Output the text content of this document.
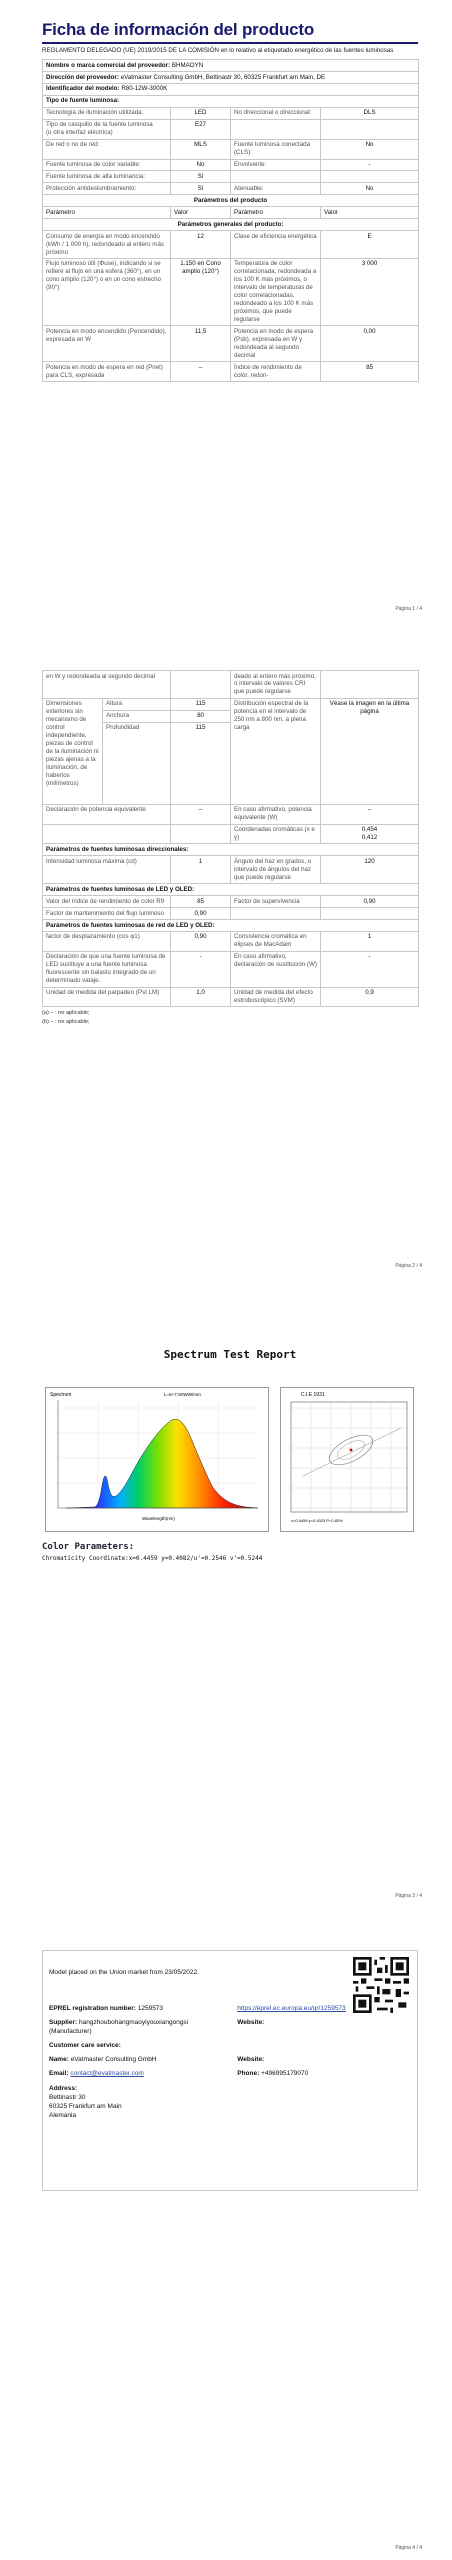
Ficha de información del producto
REGLAMENTO DELEGADO (UE) 2019/2015 DE LA COMISIÓN en lo relativo al etiquetado energético de las fuentes luminosas
Nombre o marca comercial del proveedor: BHMAOYN			
Dirección del proveedor: eVatmaster Consulting GmbH, Bettinastr 30, 60325 Frankfurt am Main, DE			
Identificador del modelo: R80-12W-3000K			
Tipo de fuente luminosa:			
Tecnología de iluminación utilizada:	LED	No direccional o direccional:	DLS
Tipo de casquillo de la fuente luminosa
(u otra interfaz eléctrica)	E27		
De red o no de red:	MLS	Fuente luminosa conectada (CLS):	No
Fuente luminosa de color variable:	No	Envolvente:	-
Fuente luminosa de alta luminancia:	Sí		
Protección antideslumbramiento:	Sí	Atenuable:	No
Parámetros del producto			
Parámetro	Valor	Parámetro	Valor
Parámetros generales del producto:			
Consumo de energía en modo encendido (kWh / 1 000 h), redondeado al entero más próximo	12	Clase de eficiencia energética	E
Flujo luminoso útil (Φuse), indicando si se refiere al flujo en una esfera (360°), en un cono amplio (120°) o en un cono estrecho (90°)	1.150 en Cono amplio (120°)	Temperatura de color correlacionada, redondeada a los 100 K más próximos, o intervalo de temperaturas de color correlacionadas, redondeado a los 100 K más próximos, que puede regularse	3 000
Potencia en modo encendido (Pencendido), expresada en W	11,5	Potencia en modo de espera (Psb), expresada en W y redondeada al segundo decimal	0,00
Potencia en modo de espera en red (Pnet) para CLS, expresada	–	Índice de rendimiento de color, redon-	85
Página 1 / 4
en W y redondeada al segundo decimal			deado al entero más próximo, o intervalo de valores CRI que puede regularse	
Dimensiones exteriores sin mecanismo de control independiente, piezas de control de la iluminación ni piezas ajenas a la iluminación, de haberlos (milímetros)	Altura	115	Distribución espectral de la potencia en el intervalo de 250 nm a 800 nm, a plena carga	Véase la imagen en la última página
	Anchura	80		
	Profundidad	115		
Declaración de potencia equivalente		–	En caso afirmativo, potencia equivalente (W)	–
			Coordenadas cromáticas (x e y)	0,454
0,412
Parámetros de fuentes luminosas direccionales:				
Intensidad luminosa máxima (cd)		1	Ángulo del haz en grados, o intervalo de ángulos del haz que puede regularse	120
Parámetros de fuentes luminosas de LED y OLED:				
Valor del índice de rendimiento de color R9		85	Factor de supervivencia	0,90
Factor de mantenimiento del flujo luminoso		0,90		
Parámetros de fuentes luminosas de red de LED y OLED:				
factor de desplazamiento (cos φ1)		0,90	Consistencia cromática en elipses de MacAdam	1
Declaración de que una fuente luminosa de LED sustituye a una fuente luminosa fluorescente sin balasto integrado de un determinado vataje.		-	En caso afirmativo, declaración de sustitución (W)	-
Unidad de medida del parpadeo (Pst LM)		1,0	Unidad de medida del efecto estroboscópico (SVM)	0,9
(a) – : no aplicable;
(b) – : no aplicable;
Página 2 / 4
Spectrum Test Report
Spectrum	L=6+7:S0WW/mm
Wavelength(nm)
C.I.E 1931
x=0.4459 y=0.4023 P=0.83%
Color Parameters:
Chromaticity Coordinate:x=0.4459 y=0.4082/u'=0.2546 v'=0.5244
Página 3 / 4
Model placed on the Union market from 23/05/2022.
EPREL registration number: 1259573	https://eprel.ec.europa.eu/qr/1259573
Supplier: hangzhoubohangmaoyiyouxiangongsi (Manufacturer)
Website:
Customer care service:
Name: eVatmaster Consulting GmbH	Website:
Email: contact@evatmaster.com	Phone: +496995179070
Address:
Bettinastr 30
60325 Frankfurt am Main
Alemania
Página 4 / 4
